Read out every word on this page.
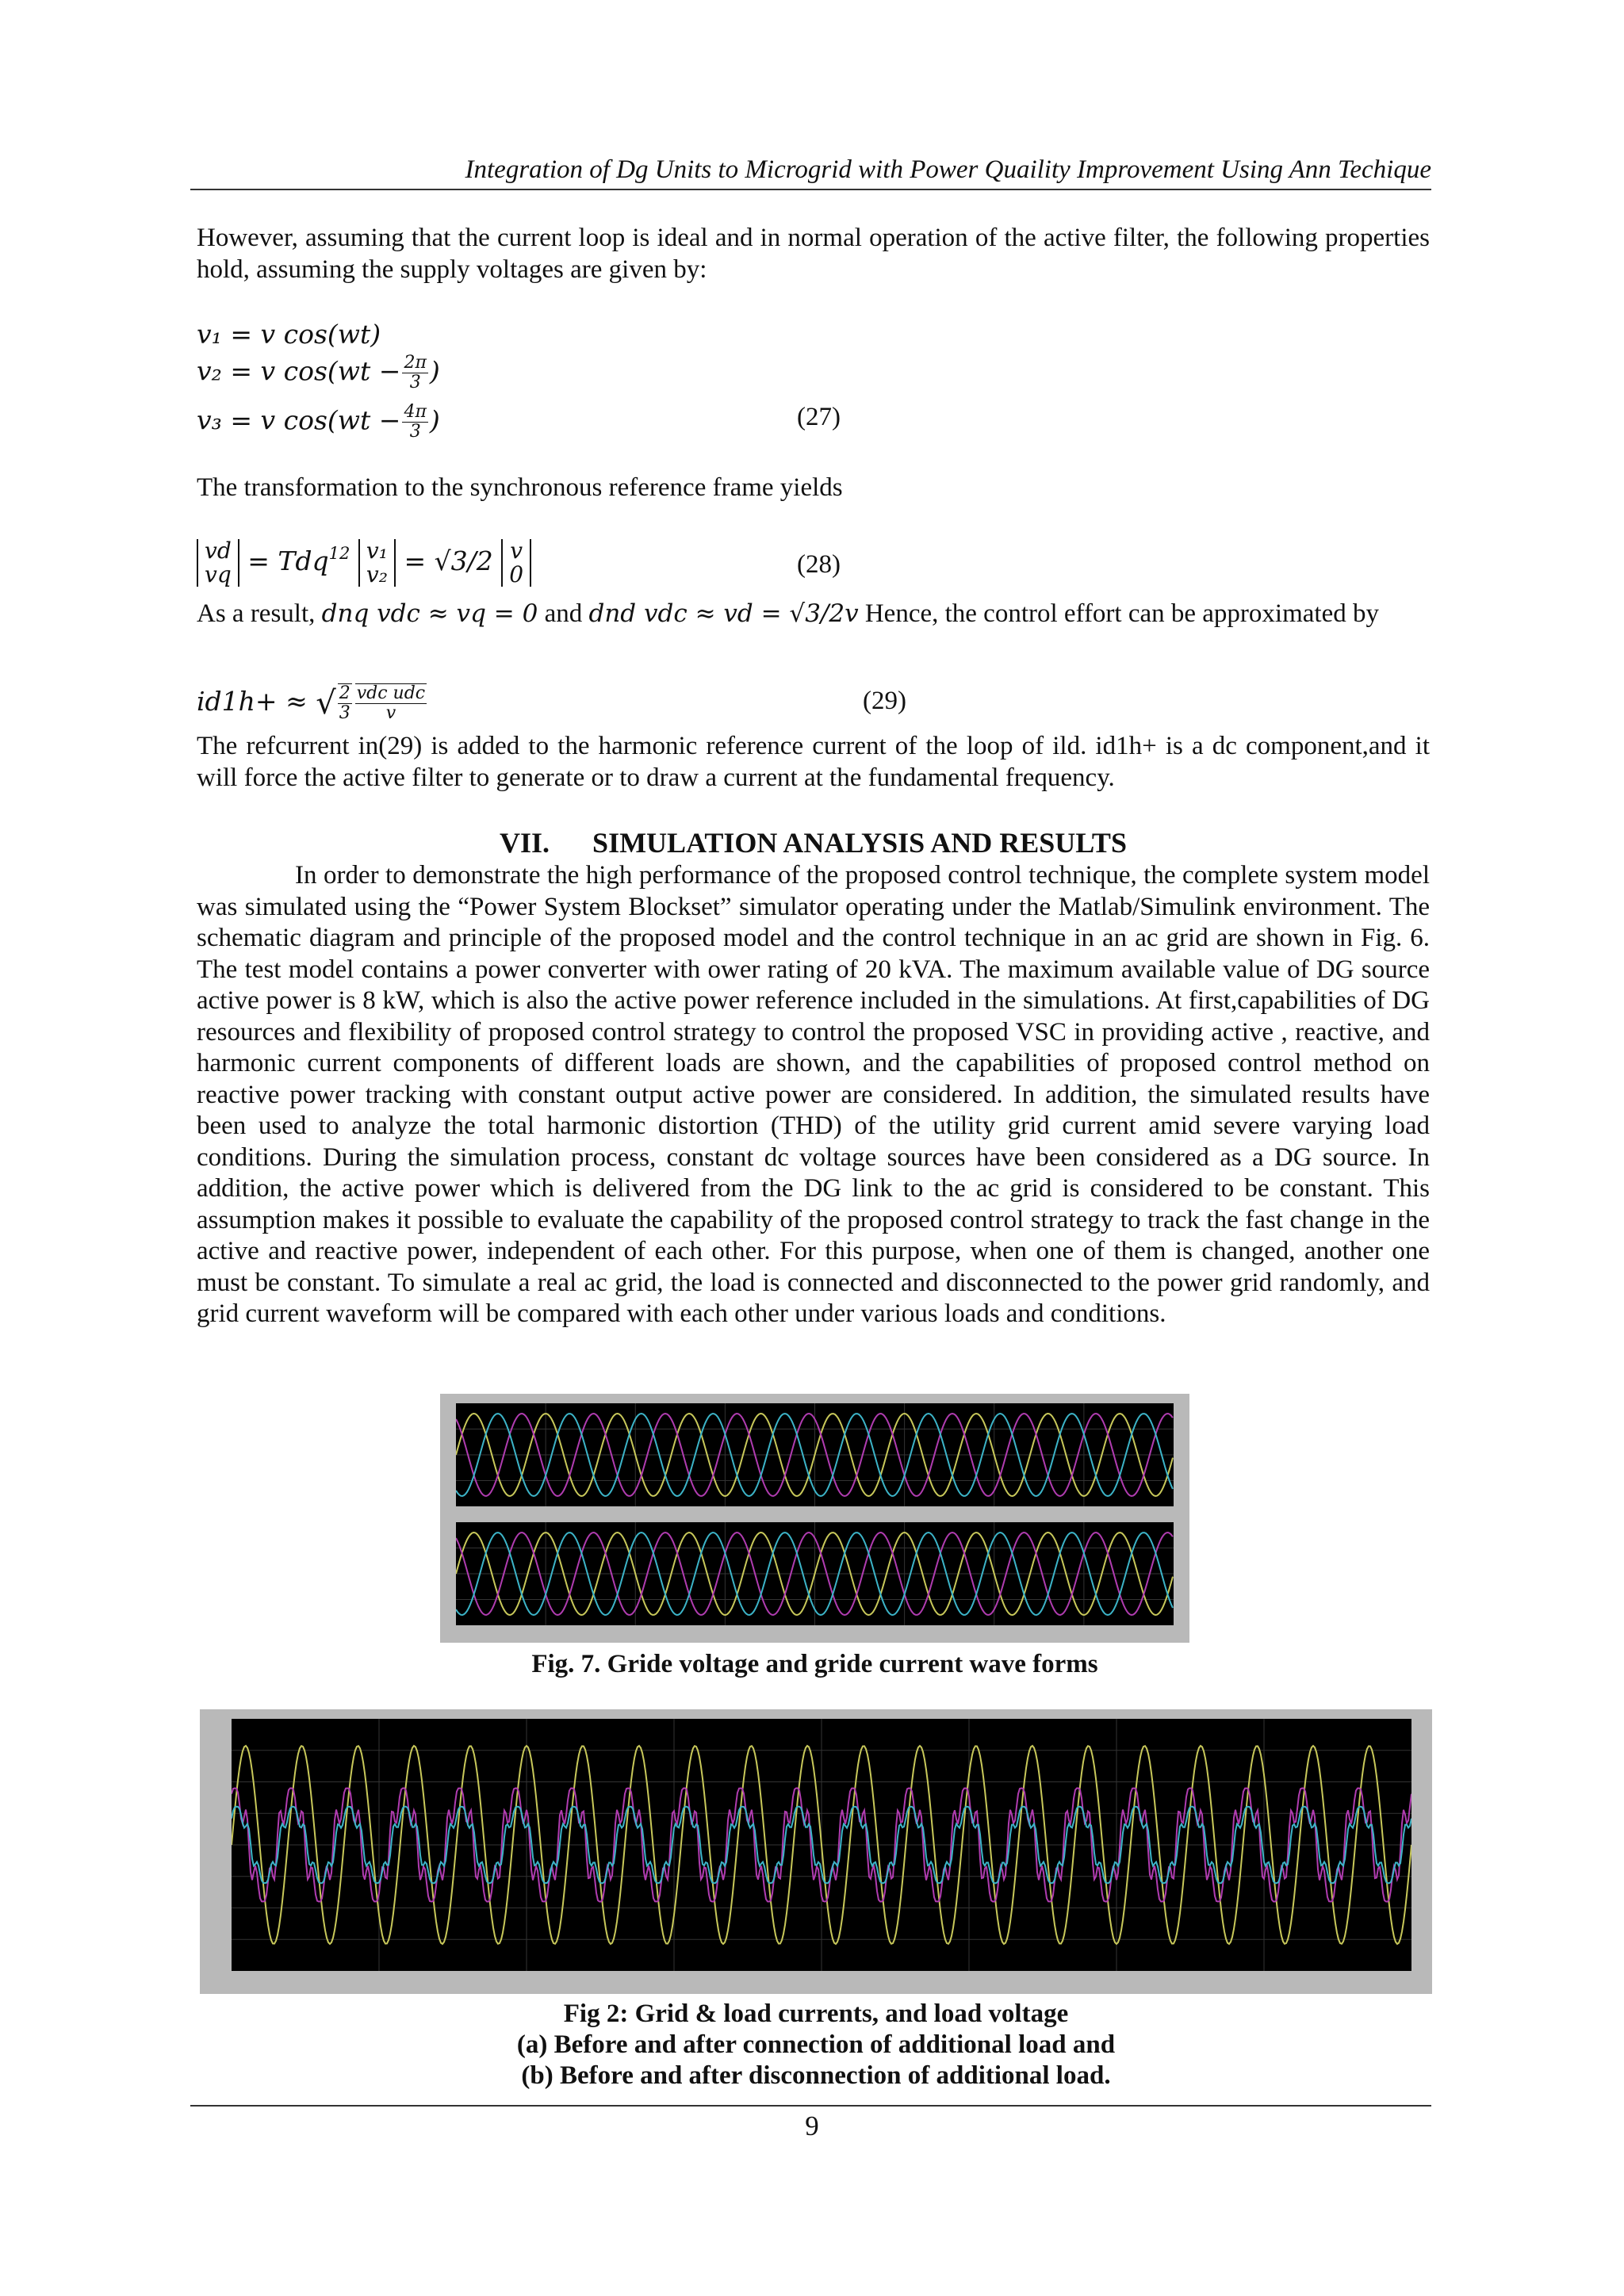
Integration of Dg Units to Microgrid with Power Quaility Improvement Using Ann Techique
However, assuming that the current loop is ideal and in normal operation of the active filter, the following properties hold, assuming the supply voltages are given by:
𝑣₁ = 𝑣 cos(𝑤𝑡)
𝑣₂ = 𝑣 cos(𝑤𝑡 − $\frac{2\pi}{3}$ )
𝑣₃ = 𝑣 cos(𝑤𝑡 − $\frac{4\pi}{3}$ )	(27)
The transformation to the synchronous reference frame yields
𝑣𝑑
𝑣𝑞 = 𝑇𝑑𝑞$^{12}$ 𝑣₁
𝑣₂ = √3/2 𝑣
0	(28)
As a result, 𝑑𝑛𝑞 𝑣𝑑𝑐 ≈ 𝑣𝑞 = 0 and 𝑑𝑛𝑑 𝑣𝑑𝑐 ≈ 𝑣𝑑 = √3/2𝑣 Hence, the control effort can be approximated by
𝑖𝑑1ℎ+ ≈ √ $\frac{2}{3} \frac{\text{𝑣𝑑𝑐 𝑢𝑑𝑐}}{\text{𝑣}}$	(29)
The refcurrent in(29) is added to the harmonic reference current of the loop of ild. id1h+ is a dc component,and it will force the active filter to generate or to draw a current at the fundamental frequency.
VII.      SIMULATION ANALYSIS AND RESULTS
In order to demonstrate the high performance of the proposed control technique, the complete system model was simulated using the “Power System Blockset” simulator operating under the Matlab/Simulink environment. The schematic diagram and principle of the proposed model and the control technique in an ac grid are shown in Fig. 6. The test model contains a power converter with ower rating of 20 kVA. The maximum available value of DG source active power is 8 kW, which is also the active power reference included in the simulations. At first,capabilities of DG resources and flexibility of proposed control strategy to control the proposed VSC in providing active , reactive, and harmonic current components of different loads are shown, and the capabilities of proposed control method on reactive power tracking with constant output active power are considered. In addition, the simulated results have been used to analyze the total harmonic distortion (THD) of the utility grid current amid severe varying load conditions. During the simulation process, constant dc voltage sources have been considered as a DG source. In addition, the active power which is delivered from the DG link to the ac grid is considered to be constant. This assumption makes it possible to evaluate the capability of the proposed control strategy to track the fast change in the active and reactive power, independent of each other. For this purpose, when one of them is changed, another one must be constant. To simulate a real ac grid, the load is connected and disconnected to the power grid randomly, and grid current waveform will be compared with each other under various loads and conditions.
Fig. 7. Gride voltage and gride current wave forms
Fig 2: Grid & load currents, and load voltage
(a) Before and after connection of additional load and
(b) Before and after disconnection of additional load.
9
